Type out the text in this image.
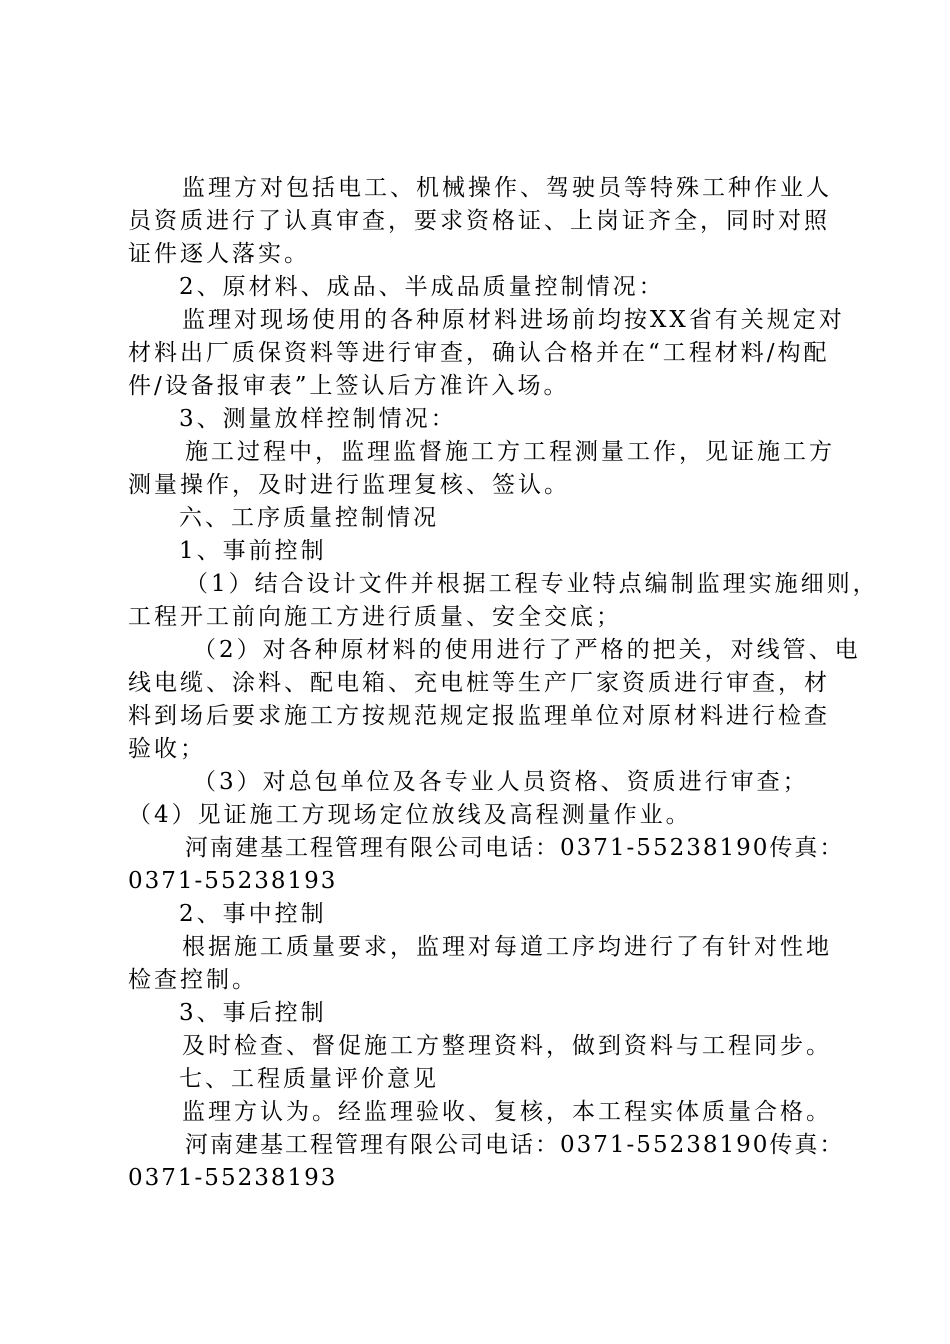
监理方对包括电工、机械操作、驾驶员等特殊工种作业人
员资质进行了认真审查，要求资格证、上岗证齐全，同时对照
证件逐人落实。
2、原材料、成品、半成品质量控制情况：
监理对现场使用的各种原材料进场前均按XX省有关规定对
材料出厂质保资料等进行审查，确认合格并在“工程材料/构配
件/设备报审表”上签认后方准许入场。
3、测量放样控制情况：
施工过程中，监理监督施工方工程测量工作，见证施工方
测量操作，及时进行监理复核、签认。
六、工序质量控制情况
1、事前控制
（1）结合设计文件并根据工程专业特点编制监理实施细则，
工程开工前向施工方进行质量、安全交底；
（2）对各种原材料的使用进行了严格的把关，对线管、电
线电缆、涂料、配电箱、充电桩等生产厂家资质进行审查，材
料到场后要求施工方按规范规定报监理单位对原材料进行检查
验收；
（3）对总包单位及各专业人员资格、资质进行审查；
（4）见证施工方现场定位放线及高程测量作业。
河南建基工程管理有限公司电话：0371-55238190传真：
0371-55238193
2、事中控制
根据施工质量要求，监理对每道工序均进行了有针对性地
检查控制。
3、事后控制
及时检查、督促施工方整理资料，做到资料与工程同步。
七、工程质量评价意见
监理方认为。经监理验收、复核，本工程实体质量合格。
河南建基工程管理有限公司电话：0371-55238190传真：
0371-55238193
